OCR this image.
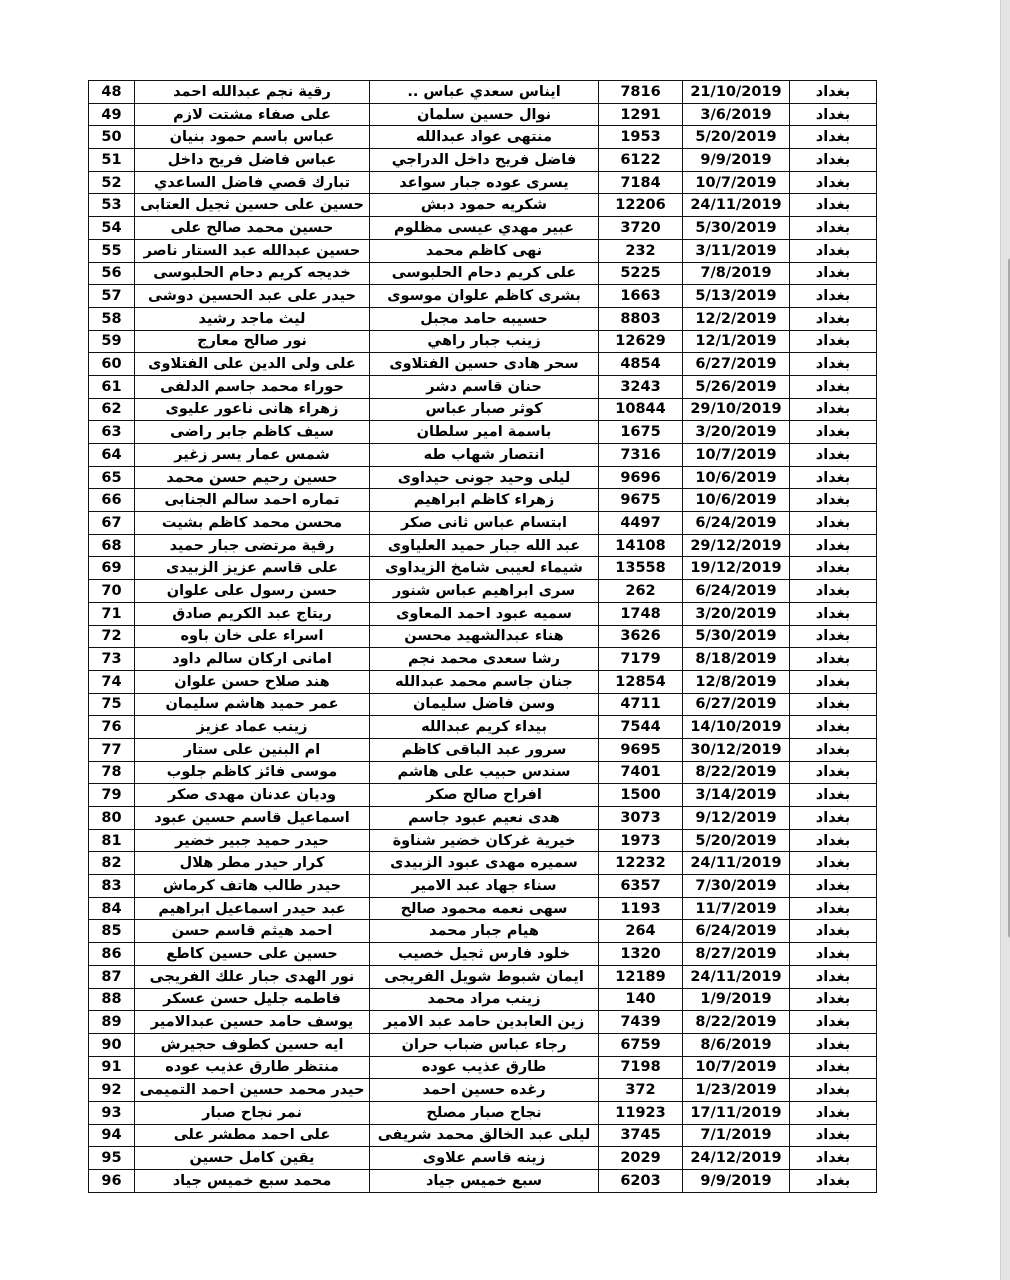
48	رقية نجم عبدالله احمد	ايناس سعدي عباس ..	7816	21/10/2019	بغداد
49	على صفاء مشتت لازم	نوال حسين سلمان	1291	3/6/2019	بغداد
50	عباس باسم حمود بنيان	منتهى عواد عبدالله	1953	5/20/2019	بغداد
51	عباس فاضل فريح داخل	فاضل فريح داخل الدراجي	6122	9/9/2019	بغداد
52	تبارك قصي فاضل الساعدي	يسرى عوده جبار سواعد	7184	10/7/2019	بغداد
53	حسين على حسين ثجيل العتابى	شكريه حمود دبش	12206	24/11/2019	بغداد
54	حسين محمد صالح على	عبير مهدي عيسى مظلوم	3720	5/30/2019	بغداد
55	حسين عبدالله عبد الستار ناصر	نهى كاظم محمد	232	3/11/2019	بغداد
56	خديجه كريم دحام الحلبوسى	على كريم دحام الحلبوسى	5225	7/8/2019	بغداد
57	حيدر على عبد الحسين دوشى	بشرى كاظم علوان موسوى	1663	5/13/2019	بغداد
58	ليث ماجد رشيد	حسيبه حامد مجبل	8803	12/2/2019	بغداد
59	نور صالح معارج	زينب جبار راهي	12629	12/1/2019	بغداد
60	على ولى الدين على الفتلاوى	سحر هادى حسين الفتلاوى	4854	6/27/2019	بغداد
61	حوراء محمد جاسم الدلفى	حنان قاسم دشر	3243	5/26/2019	بغداد
62	زهراء هانى ناعور عليوى	كوثر صبار عباس	10844	29/10/2019	بغداد
63	سيف كاظم جابر راضى	باسمة امير سلطان	1675	3/20/2019	بغداد
64	شمس عمار يسر زغير	انتصار شهاب طه	7316	10/7/2019	بغداد
65	حسين رحيم حسن محمد	ليلى وحيد جونى حيداوى	9696	10/6/2019	بغداد
66	تماره احمد سالم الجنابى	زهراء كاظم ابراهيم	9675	10/6/2019	بغداد
67	محسن محمد كاظم بشيت	ابتسام عباس ثانى صكر	4497	6/24/2019	بغداد
68	رقية مرتضى جبار حميد	عبد الله جبار حميد العلياوى	14108	29/12/2019	بغداد
69	على قاسم عزيز الزبيدى	شيماء لعيبى شامخ الزيداوى	13558	19/12/2019	بغداد
70	حسن رسول على علوان	سرى ابراهيم عباس شنور	262	6/24/2019	بغداد
71	ريتاج عبد الكريم صادق	سميه عبود احمد المعاوى	1748	3/20/2019	بغداد
72	اسراء على خان باوه	هناء عبدالشهيد محسن	3626	5/30/2019	بغداد
73	امانى اركان سالم داود	رشا سعدى محمد نجم	7179	8/18/2019	بغداد
74	هند صلاح حسن علوان	جنان جاسم محمد عبدالله	12854	12/8/2019	بغداد
75	عمر حميد هاشم سليمان	وسن فاضل سليمان	4711	6/27/2019	بغداد
76	زينب عماد عزيز	بيداء كريم عبدالله	7544	14/10/2019	بغداد
77	ام البنين على ستار	سرور عبد الباقى كاظم	9695	30/12/2019	بغداد
78	موسى فائز كاظم جلوب	سندس حبيب على هاشم	7401	8/22/2019	بغداد
79	وديان عدنان مهدى صكر	افراح صالح صكر	1500	3/14/2019	بغداد
80	اسماعيل قاسم حسين عبود	هدى نعيم عبود جاسم	3073	9/12/2019	بغداد
81	حيدر حميد جبير خضير	خيرية غركان خضير شناوة	1973	5/20/2019	بغداد
82	كرار حيدر مطر هلال	سميره مهدى عبود الزبيدى	12232	24/11/2019	بغداد
83	حيدر طالب هاتف كرماش	سناء جهاد عبد الامير	6357	7/30/2019	بغداد
84	عبد حيدر اسماعيل ابراهيم	سهى نعمه محمود صالح	1193	11/7/2019	بغداد
85	احمد هيثم قاسم حسن	هيام جبار محمد	264	6/24/2019	بغداد
86	حسين على حسين كاطع	خلود فارس ثجيل خصيب	1320	8/27/2019	بغداد
87	نور الهدى جبار علك الفريجى	ايمان شبوط شويل الفريجى	12189	24/11/2019	بغداد
88	فاطمه جليل حسن عسكر	زينب مراد محمد	140	1/9/2019	بغداد
89	يوسف حامد حسين عبدالامير	زين العابدين حامد عبد الامير	7439	8/22/2019	بغداد
90	ايه حسين كطوف حجيرش	رجاء عباس ضباب حران	6759	8/6/2019	بغداد
91	منتظر طارق عذيب عوده	طارق عذيب عوده	7198	10/7/2019	بغداد
92	حيدر محمد حسين احمد التميمى	رغده حسين احمد	372	1/23/2019	بغداد
93	نمر نجاح صبار	نجاح صبار مصلح	11923	17/11/2019	بغداد
94	على احمد مطشر على	ليلى عبد الخالق محمد شريفى	3745	7/1/2019	بغداد
95	يقين كامل حسين	زينه قاسم علاوى	2029	24/12/2019	بغداد
96	محمد سبع خميس جياد	سبع خميس جياد	6203	9/9/2019	بغداد
